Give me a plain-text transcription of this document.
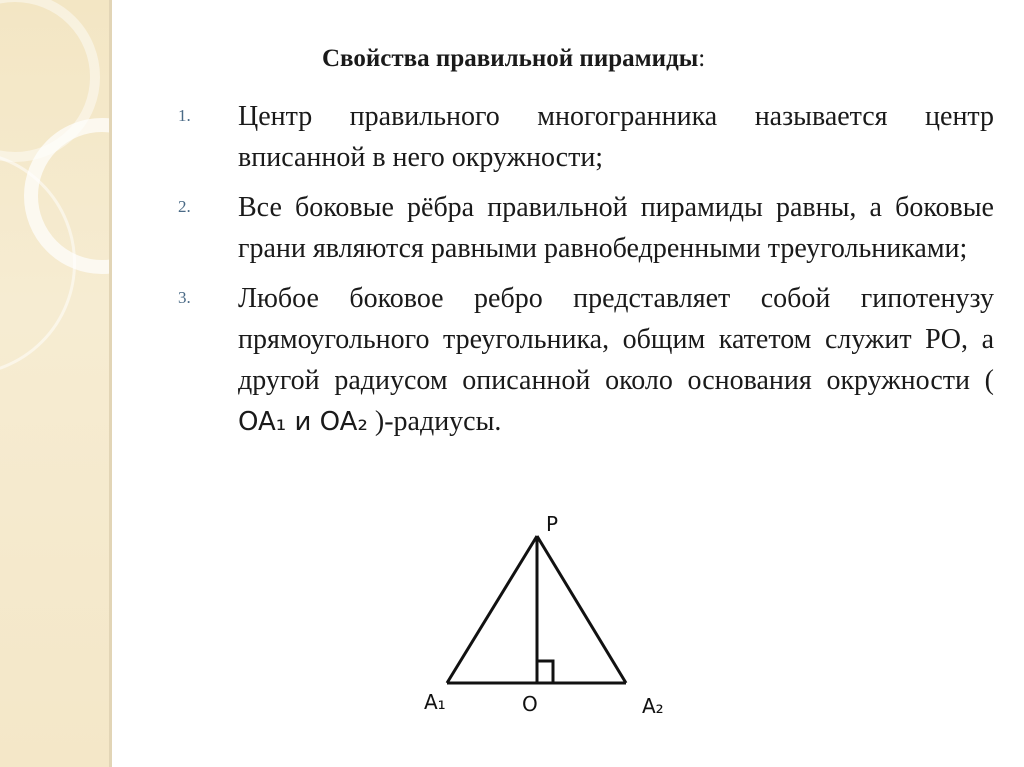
Свойства правильной пирамиды:
1.	Центр правильного многогранника называется центр вписанной в него окружности;
2.	Все боковые рёбра правильной пирамиды равны, а боковые грани являются равными равнобедренными треугольниками;
3.	Любое боковое ребро представляет собой гипотенузу прямоугольного треугольника, общим катетом служит PO, а другой радиусом описанной около основания окружности ( OA₁ и OA₂ )-радиусы.
P
A₁	O	A₂
